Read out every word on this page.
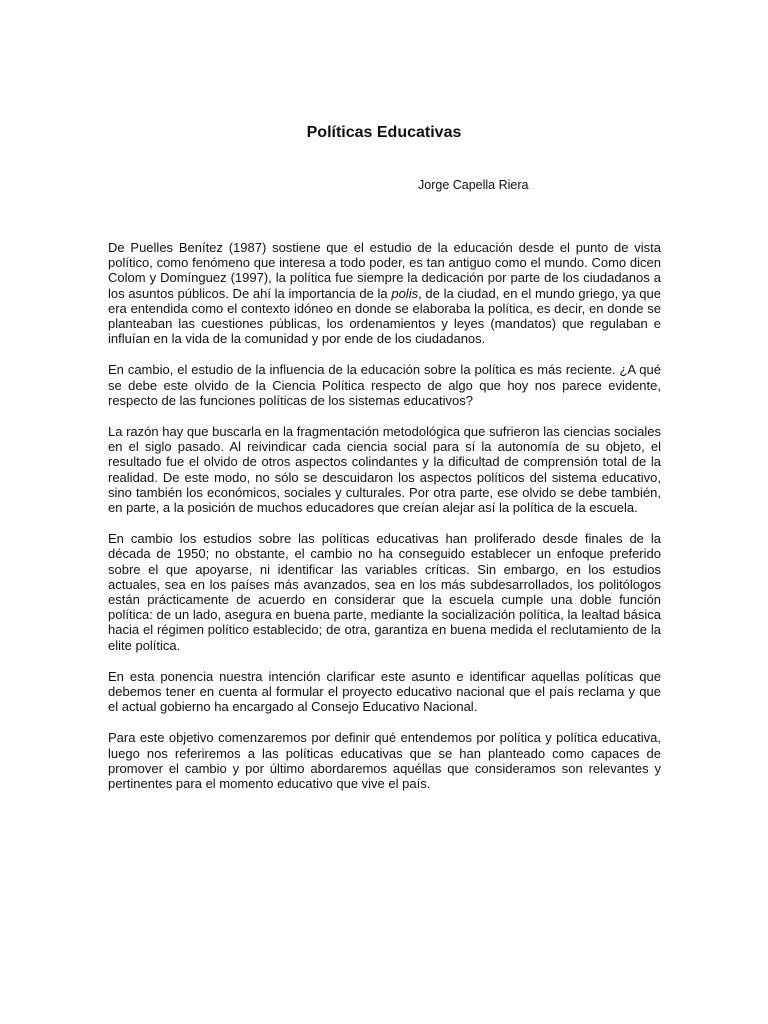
Políticas Educativas

Jorge Capella Riera

De Puelles Benítez (1987) sostiene que el estudio de la educación desde el punto de vista político, como fenómeno que interesa a todo poder, es tan antiguo como el mundo. Como dicen Colom y Domínguez (1997), la política fue siempre la dedicación por parte de los ciudadanos a los asuntos públicos. De ahí la importancia de la polis, de la ciudad, en el mundo griego, ya que era entendida como el contexto idóneo en donde se elaboraba la política, es decir, en donde se planteaban las cuestiones públicas, los ordenamientos y leyes (mandatos) que regulaban e influían en la vida de la comunidad y por ende de los ciudadanos.

En cambio, el estudio de la influencia de la educación sobre la política es más reciente. ¿A qué se debe este olvido de la Ciencia Política respecto de algo que hoy nos parece evidente, respecto de las funciones políticas de los sistemas educativos?

La razón hay que buscarla en la fragmentación metodológica que sufrieron las ciencias sociales en el siglo pasado. Al reivindicar cada ciencia social para sí la autonomía de su objeto, el resultado fue el olvido de otros aspectos colindantes y la dificultad de comprensión total de la realidad. De este modo, no sólo se descuidaron los aspectos políticos del sistema educativo, sino también los económicos, sociales y culturales. Por otra parte, ese olvido se debe también, en parte, a la posición de muchos educadores que creían alejar así la política de la escuela.

En cambio los estudios sobre las políticas educativas han proliferado desde finales de la década de 1950; no obstante, el cambio no ha conseguido establecer un enfoque preferido sobre el que apoyarse, ni identificar las variables críticas. Sin embargo, en los estudios actuales, sea en los países más avanzados, sea en los más subdesarrollados, los politólogos están prácticamente de acuerdo en considerar que la escuela cumple una doble función política: de un lado, asegura en buena parte, mediante la socialización política, la lealtad básica hacia el régimen político establecido; de otra, garantiza en buena medida el reclutamiento de la elite política.

En esta ponencia nuestra intención clarificar este asunto e identificar aquellas políticas que debemos tener en cuenta al formular el proyecto educativo nacional que el país reclama y que el actual gobierno ha encargado al Consejo Educativo Nacional.

Para este objetivo comenzaremos por definir qué entendemos por política y política educativa, luego nos referiremos a las políticas educativas que se han planteado como capaces de promover el cambio y por último abordaremos aquéllas que consideramos son relevantes y pertinentes para el momento educativo que vive el país.
